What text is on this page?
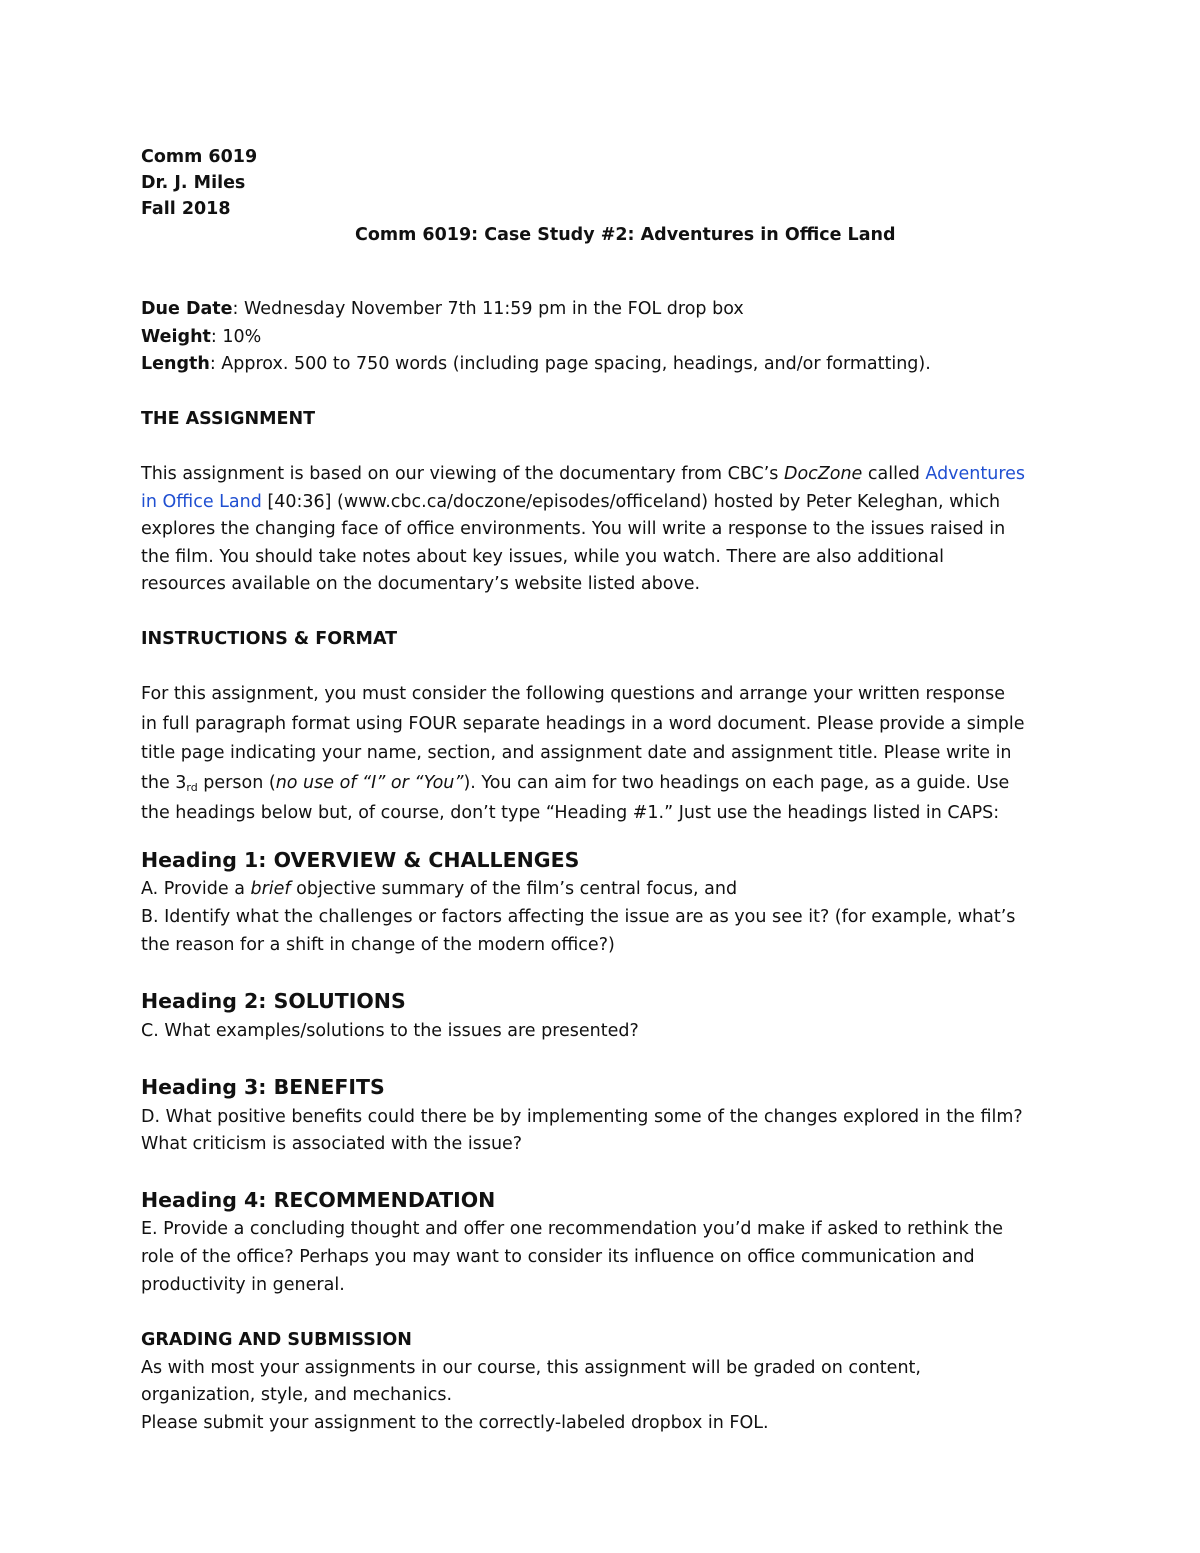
Comm 6019
Dr. J. Miles
Fall 2018
Comm 6019: Case Study #2: Adventures in Office Land
Due Date: Wednesday November 7th 11:59 pm in the FOL drop box
Weight: 10%
Length: Approx. 500 to 750 words (including page spacing, headings, and/or formatting).
THE ASSIGNMENT
This assignment is based on our viewing of the documentary from CBC’s DocZone called Adventures
in Office Land [40:36] (www.cbc.ca/doczone/episodes/officeland) hosted by Peter Keleghan, which
explores the changing face of office environments. You will write a response to the issues raised in
the film. You should take notes about key issues, while you watch. There are also additional
resources available on the documentary’s website listed above.
INSTRUCTIONS & FORMAT
For this assignment, you must consider the following questions and arrange your written response
in full paragraph format using FOUR separate headings in a word document. Please provide a simple
title page indicating your name, section, and assignment date and assignment title. Please write in
the 3rd person (no use of “I” or “You”). You can aim for two headings on each page, as a guide. Use
the headings below but, of course, don’t type “Heading #1.” Just use the headings listed in CAPS:
Heading 1: OVERVIEW & CHALLENGES
A. Provide a brief objective summary of the film’s central focus, and
B. Identify what the challenges or factors affecting the issue are as you see it? (for example, what’s
the reason for a shift in change of the modern office?)
Heading 2: SOLUTIONS
C. What examples/solutions to the issues are presented?
Heading 3: BENEFITS
D. What positive benefits could there be by implementing some of the changes explored in the film?
What criticism is associated with the issue?
Heading 4: RECOMMENDATION
E. Provide a concluding thought and offer one recommendation you’d make if asked to rethink the
role of the office? Perhaps you may want to consider its influence on office communication and
productivity in general.
GRADING AND SUBMISSION
As with most your assignments in our course, this assignment will be graded on content,
organization, style, and mechanics.
Please submit your assignment to the correctly-labeled dropbox in FOL.
